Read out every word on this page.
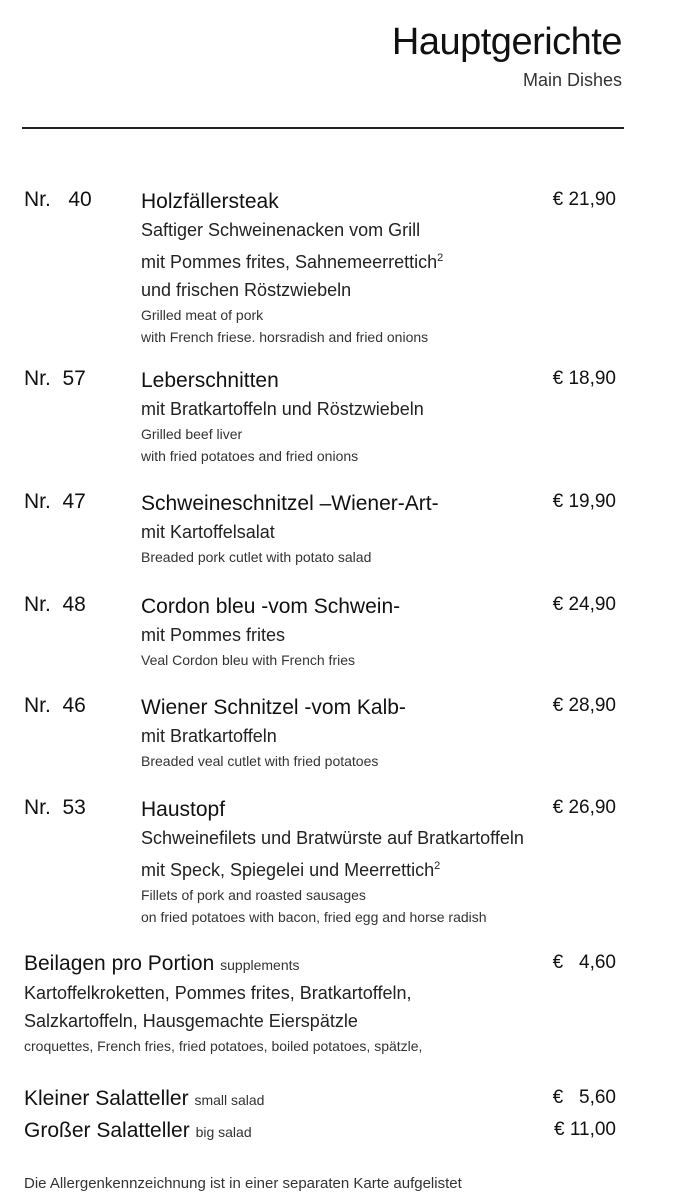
Hauptgerichte
Main Dishes
Nr.   40	€ 21,90
Holzfällersteak
Saftiger Schweinenacken vom Grill
mit Pommes frites, Sahnemeerrettich$^2$
und frischen Röstzwiebeln
Grilled meat of pork
with French friese. horsradish and fried onions
Nr.  57	€ 18,90
Leberschnitten
mit Bratkartoffeln und Röstzwiebeln
Grilled beef liver
with fried potatoes and fried onions
Nr.  47	€ 19,90
Schweineschnitzel –Wiener-Art-
mit Kartoffelsalat
Breaded pork cutlet with potato salad
Nr.  48	€ 24,90
Cordon bleu -vom Schwein-
mit Pommes frites
Veal Cordon bleu with French fries
Nr.  46	€ 28,90
Wiener Schnitzel -vom Kalb-
mit Bratkartoffeln
Breaded veal cutlet with fried potatoes
Nr.  53	€ 26,90
Haustopf
Schweinefilets und Bratwürste auf Bratkartoffeln
mit Speck, Spiegelei und Meerrettich$^2$
Fillets of pork and roasted sausages
on fried potatoes with bacon, fried egg and horse radish
Beilagen pro Portion supplements	€   4,60
Kartoffelkroketten, Pommes frites, Bratkartoffeln,
Salzkartoffeln, Hausgemachte Eierspätzle
croquettes, French fries, fried potatoes, boiled potatoes, spätzle,
Kleiner Salatteller small salad	€   5,60
Großer Salatteller big salad	€ 11,00
Die Allergenkennzeichnung ist in einer separaten Karte aufgelistet
